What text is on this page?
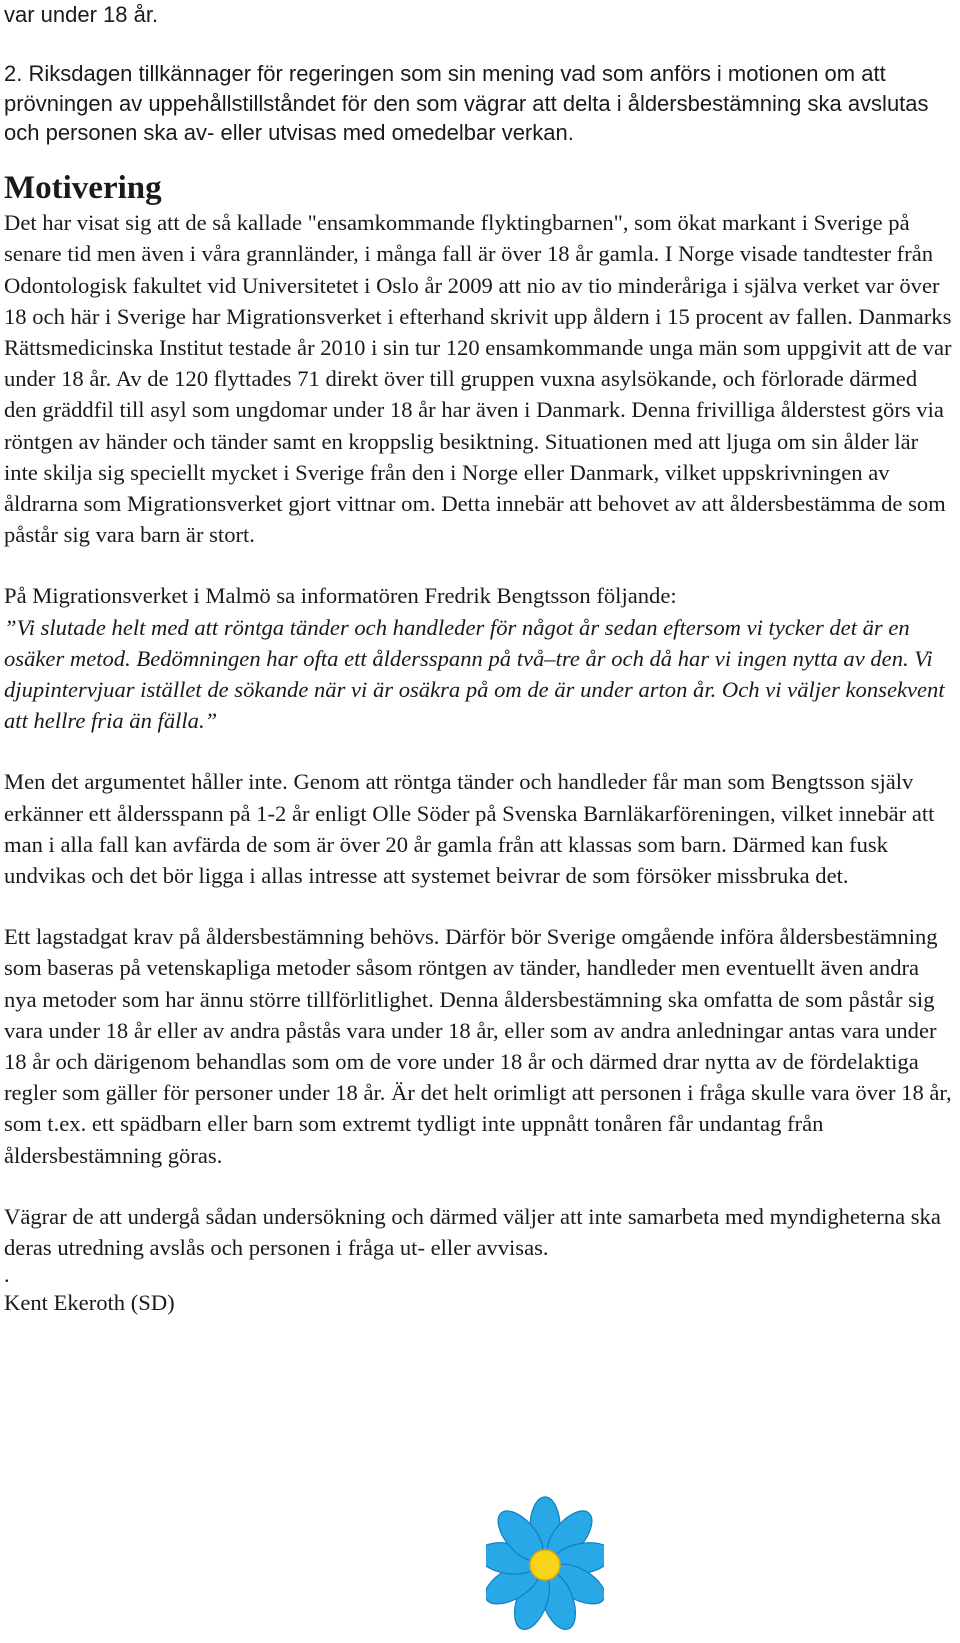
var under 18 år.

2. Riksdagen tillkännager för regeringen som sin mening vad som anförs i motionen om att prövningen av uppehållstillståndet för den som vägrar att delta i åldersbestämning ska avslutas och personen ska av- eller utvisas med omedelbar verkan.

Motivering

Det har visat sig att de så kallade "ensamkommande flyktingbarnen", som ökat markant i Sverige på senare tid men även i våra grannländer, i många fall är över 18 år gamla. I Norge visade tandtester från Odontologisk fakultet vid Universitetet i Oslo år 2009 att nio av tio minderåriga i själva verket var över 18 och här i Sverige har Migrationsverket i efterhand skrivit upp åldern i 15 procent av fallen. Danmarks Rättsmedicinska Institut testade år 2010 i sin tur 120 ensamkommande unga män som uppgivit att de var under 18 år. Av de 120 flyttades 71 direkt över till gruppen vuxna asylsökande, och förlorade därmed den gräddfil till asyl som ungdomar under 18 år har även i Danmark. Denna frivilliga ålderstest görs via röntgen av händer och tänder samt en kroppslig besiktning. Situationen med att ljuga om sin ålder lär inte skilja sig speciellt mycket i Sverige från den i Norge eller Danmark, vilket uppskrivningen av åldrarna som Migrationsverket gjort vittnar om. Detta innebär att behovet av att åldersbestämma de som påstår sig vara barn är stort.

På Migrationsverket i Malmö sa informatören Fredrik Bengtsson följande:

”Vi slutade helt med att röntga tänder och handleder för något år sedan eftersom vi tycker det är en osäker metod. Bedömningen har ofta ett åldersspann på två–tre år och då har vi ingen nytta av den. Vi djupintervjuar istället de sökande när vi är osäkra på om de är under arton år. Och vi väljer konsekvent att hellre fria än fälla.”

Men det argumentet håller inte. Genom att röntga tänder och handleder får man som Bengtsson själv erkänner ett åldersspann på 1-2 år enligt Olle Söder på Svenska Barnläkarföreningen, vilket innebär att man i alla fall kan avfärda de som är över 20 år gamla från att klassas som barn. Därmed kan fusk undvikas och det bör ligga i allas intresse att systemet beivrar de som försöker missbruka det.

Ett lagstadgat krav på åldersbestämning behövs. Därför bör Sverige omgående införa åldersbestämning som baseras på vetenskapliga metoder såsom röntgen av tänder, handleder men eventuellt även andra nya metoder som har ännu större tillförlitlighet. Denna åldersbestämning ska omfatta de som påstår sig vara under 18 år eller av andra påstås vara under 18 år, eller som av andra anledningar antas vara under 18 år och därigenom behandlas som om de vore under 18 år och därmed drar nytta av de fördelaktiga regler som gäller för personer under 18 år. Är det helt orimligt att personen i fråga skulle vara över 18 år, som t.ex. ett spädbarn eller barn som extremt tydligt inte uppnått tonåren får undantag från åldersbestämning göras.

Vägrar de att undergå sådan undersökning och därmed väljer att inte samarbeta med myndigheterna ska deras utredning avslås och personen i fråga ut- eller avvisas.

.

Kent Ekeroth (SD)
